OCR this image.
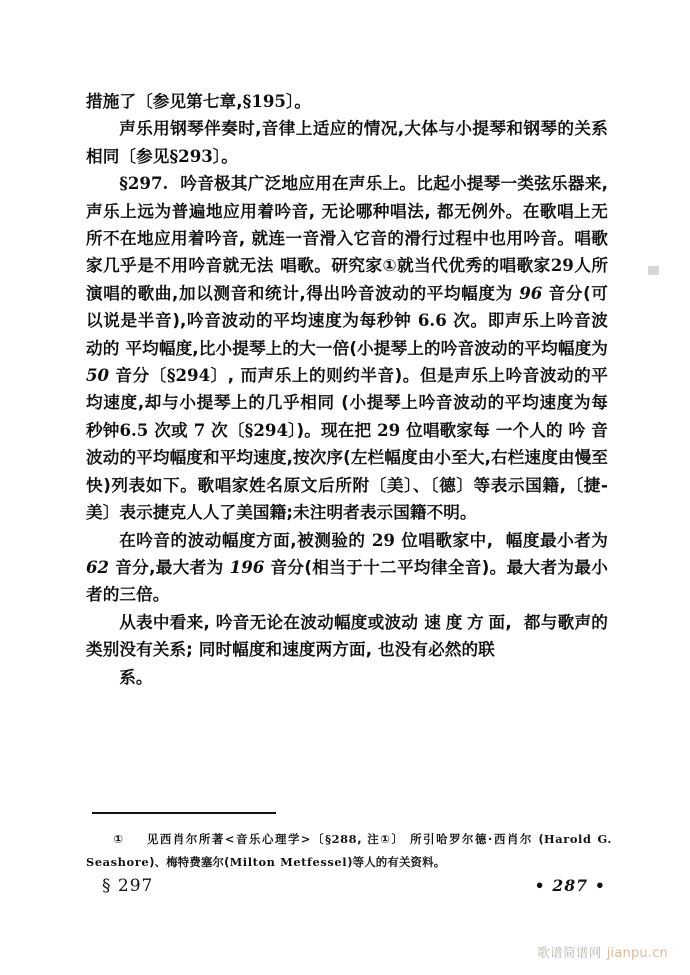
措施了〔参见第七章,§195〕。

声乐用钢琴伴奏时,音律上适应的情况,大体与小提琴和钢琴的关系相同〔参见§293〕。

§297.  吟音极其广泛地应用在声乐上。比起小提琴一类弦乐器来,声乐上远为普遍地应用着吟音, 无论哪种唱法, 都无例外。在歌唱上无所不在地应用着吟音, 就连一音滑入它音的滑行过程中也用吟音。唱歌家几乎是不用吟音就无法 唱歌。研究家①就当代优秀的唱歌家29人所演唱的歌曲,加以测音和统计,得出吟音波动的平均幅度为 96 音分(可以说是半音),吟音波动的平均速度为每秒钟 6.6 次。即声乐上吟音波动的 平均幅度,比小提琴上的大一倍(小提琴上的吟音波动的平均幅度为 50 音分〔§294〕, 而声乐上的则约半音)。但是声乐上吟音波动的平均速度,却与小提琴上的几乎相同 (小提琴上吟音波动的平均速度为每 秒钟6.5 次或 7 次〔§294〕)。现在把 29 位唱歌家每 一个人的 吟 音波动的平均幅度和平均速度,按次序(左栏幅度由小至大,右栏速度由慢至快)列表如下。歌唱家姓名原文后所附〔美〕、〔德〕等表示国籍,〔捷-美〕表示捷克人人了美国籍;未注明者表示国籍不明。

在吟音的波动幅度方面,被测验的 29 位唱歌家中,  幅度最小者为 62 音分,最大者为 196 音分(相当于十二平均律全音)。最大者为最小者的三倍。

从表中看来, 吟音无论在波动幅度或波动 速度方面,  都与歌声的类别没有关系; 同时幅度和速度两方面, 也没有必然的联
系。

①    见西肖尔所著<音乐心理学>〔§288, 注①〕 所引哈罗尔德·西肖尔 (Harold G. Seashore)、梅特费塞尔(Milton Metfessel)等人的有关资料。
§ 297	• 287 •
歌谱简谱网 jianpu.cn
